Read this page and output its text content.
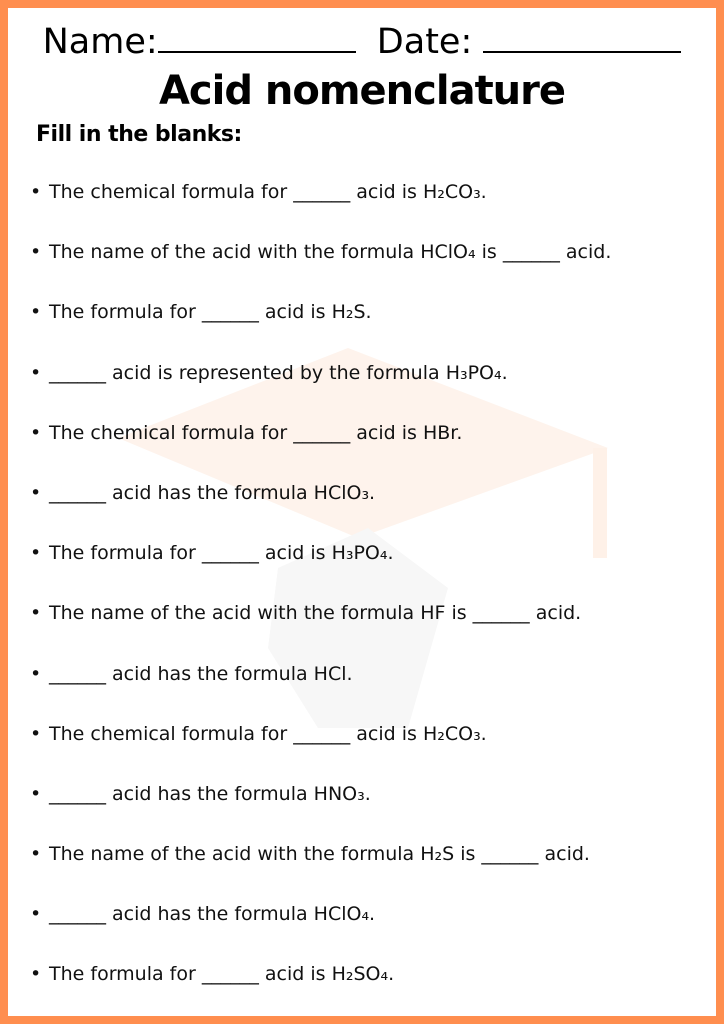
Name:	Date:
Acid nomenclature
Fill in the blanks:
• The chemical formula for ______ acid is H₂CO₃.
• The name of the acid with the formula HClO₄ is ______ acid.
• The formula for ______ acid is H₂S.
• ______ acid is represented by the formula H₃PO₄.
• The chemical formula for ______ acid is HBr.
• ______ acid has the formula HClO₃.
• The formula for ______ acid is H₃PO₄.
• The name of the acid with the formula HF is ______ acid.
• ______ acid has the formula HCl.
• The chemical formula for ______ acid is H₂CO₃.
• ______ acid has the formula HNO₃.
• The name of the acid with the formula H₂S is ______ acid.
• ______ acid has the formula HClO₄.
• The formula for ______ acid is H₂SO₄.
